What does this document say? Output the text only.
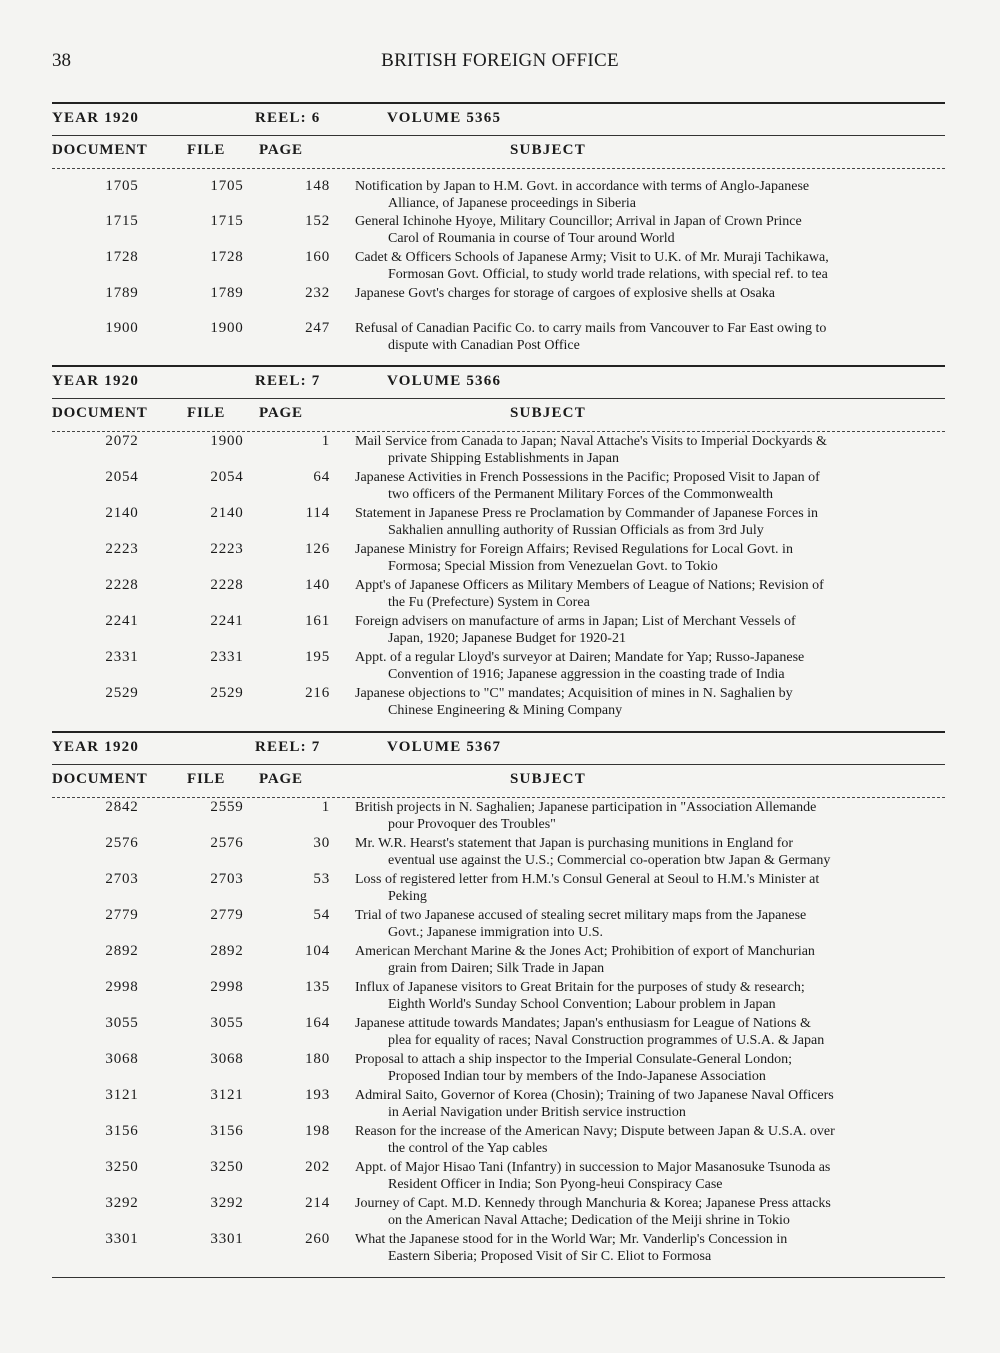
38	BRITISH FOREIGN OFFICE
YEAR 1920	REEL: 6	VOLUME 5365
DOCUMENT	FILE PAGE	SUBJECT
1705	1705	148 Notification by Japan to H.M. Govt. in accordance with terms of Anglo-Japanese
Alliance, of Japanese proceedings in Siberia
1715	1715	152 General Ichinohe Hyoye, Military Councillor; Arrival in Japan of Crown Prince
Carol of Roumania in course of Tour around World
1728	1728	160 Cadet & Officers Schools of Japanese Army; Visit to U.K. of Mr. Muraji Tachikawa,
Formosan Govt. Official, to study world trade relations, with special ref. to tea
1789	1789	232 Japanese Govt's charges for storage of cargoes of explosive shells at Osaka
1900	1900	247 Refusal of Canadian Pacific Co. to carry mails from Vancouver to Far East owing to
dispute with Canadian Post Office
YEAR 1920	REEL: 7	VOLUME 5366
DOCUMENT	FILE PAGE	SUBJECT
2072	1900	1 Mail Service from Canada to Japan; Naval Attache's Visits to Imperial Dockyards &
private Shipping Establishments in Japan
2054	2054	64 Japanese Activities in French Possessions in the Pacific; Proposed Visit to Japan of
two officers of the Permanent Military Forces of the Commonwealth
2140	2140	114 Statement in Japanese Press re Proclamation by Commander of Japanese Forces in
Sakhalien annulling authority of Russian Officials as from 3rd July
2223	2223	126 Japanese Ministry for Foreign Affairs; Revised Regulations for Local Govt. in
Formosa; Special Mission from Venezuelan Govt. to Tokio
2228	2228	140 Appt's of Japanese Officers as Military Members of League of Nations; Revision of
the Fu (Prefecture) System in Corea
2241	2241	161 Foreign advisers on manufacture of arms in Japan; List of Merchant Vessels of
Japan, 1920; Japanese Budget for 1920-21
2331	2331	195 Appt. of a regular Lloyd's surveyor at Dairen; Mandate for Yap; Russo-Japanese
Convention of 1916; Japanese aggression in the coasting trade of India
2529	2529	216 Japanese objections to "C" mandates; Acquisition of mines in N. Saghalien by
Chinese Engineering & Mining Company
YEAR 1920	REEL: 7	VOLUME 5367
DOCUMENT	FILE PAGE	SUBJECT
2842	2559	1 British projects in N. Saghalien; Japanese participation in "Association Allemande
pour Provoquer des Troubles"
2576	2576	30 Mr. W.R. Hearst's statement that Japan is purchasing munitions in England for
eventual use against the U.S.; Commercial co-operation btw Japan & Germany
2703	2703	53 Loss of registered letter from H.M.'s Consul General at Seoul to H.M.'s Minister at
Peking
2779	2779	54 Trial of two Japanese accused of stealing secret military maps from the Japanese
Govt.; Japanese immigration into U.S.
2892	2892	104 American Merchant Marine & the Jones Act; Prohibition of export of Manchurian
grain from Dairen; Silk Trade in Japan
2998	2998	135 Influx of Japanese visitors to Great Britain for the purposes of study & research;
Eighth World's Sunday School Convention; Labour problem in Japan
3055	3055	164 Japanese attitude towards Mandates; Japan's enthusiasm for League of Nations &
plea for equality of races; Naval Construction programmes of U.S.A. & Japan
3068	3068	180 Proposal to attach a ship inspector to the Imperial Consulate-General London;
Proposed Indian tour by members of the Indo-Japanese Association
3121	3121	193 Admiral Saito, Governor of Korea (Chosin); Training of two Japanese Naval Officers
in Aerial Navigation under British service instruction
3156	3156	198 Reason for the increase of the American Navy; Dispute between Japan & U.S.A. over
the control of the Yap cables
3250	3250	202 Appt. of Major Hisao Tani (Infantry) in succession to Major Masanosuke Tsunoda as
Resident Officer in India; Son Pyong-heui Conspiracy Case
3292	3292	214 Journey of Capt. M.D. Kennedy through Manchuria & Korea; Japanese Press attacks
on the American Naval Attache; Dedication of the Meiji shrine in Tokio
3301	3301	260 What the Japanese stood for in the World War; Mr. Vanderlip's Concession in
Eastern Siberia; Proposed Visit of Sir C. Eliot to Formosa
